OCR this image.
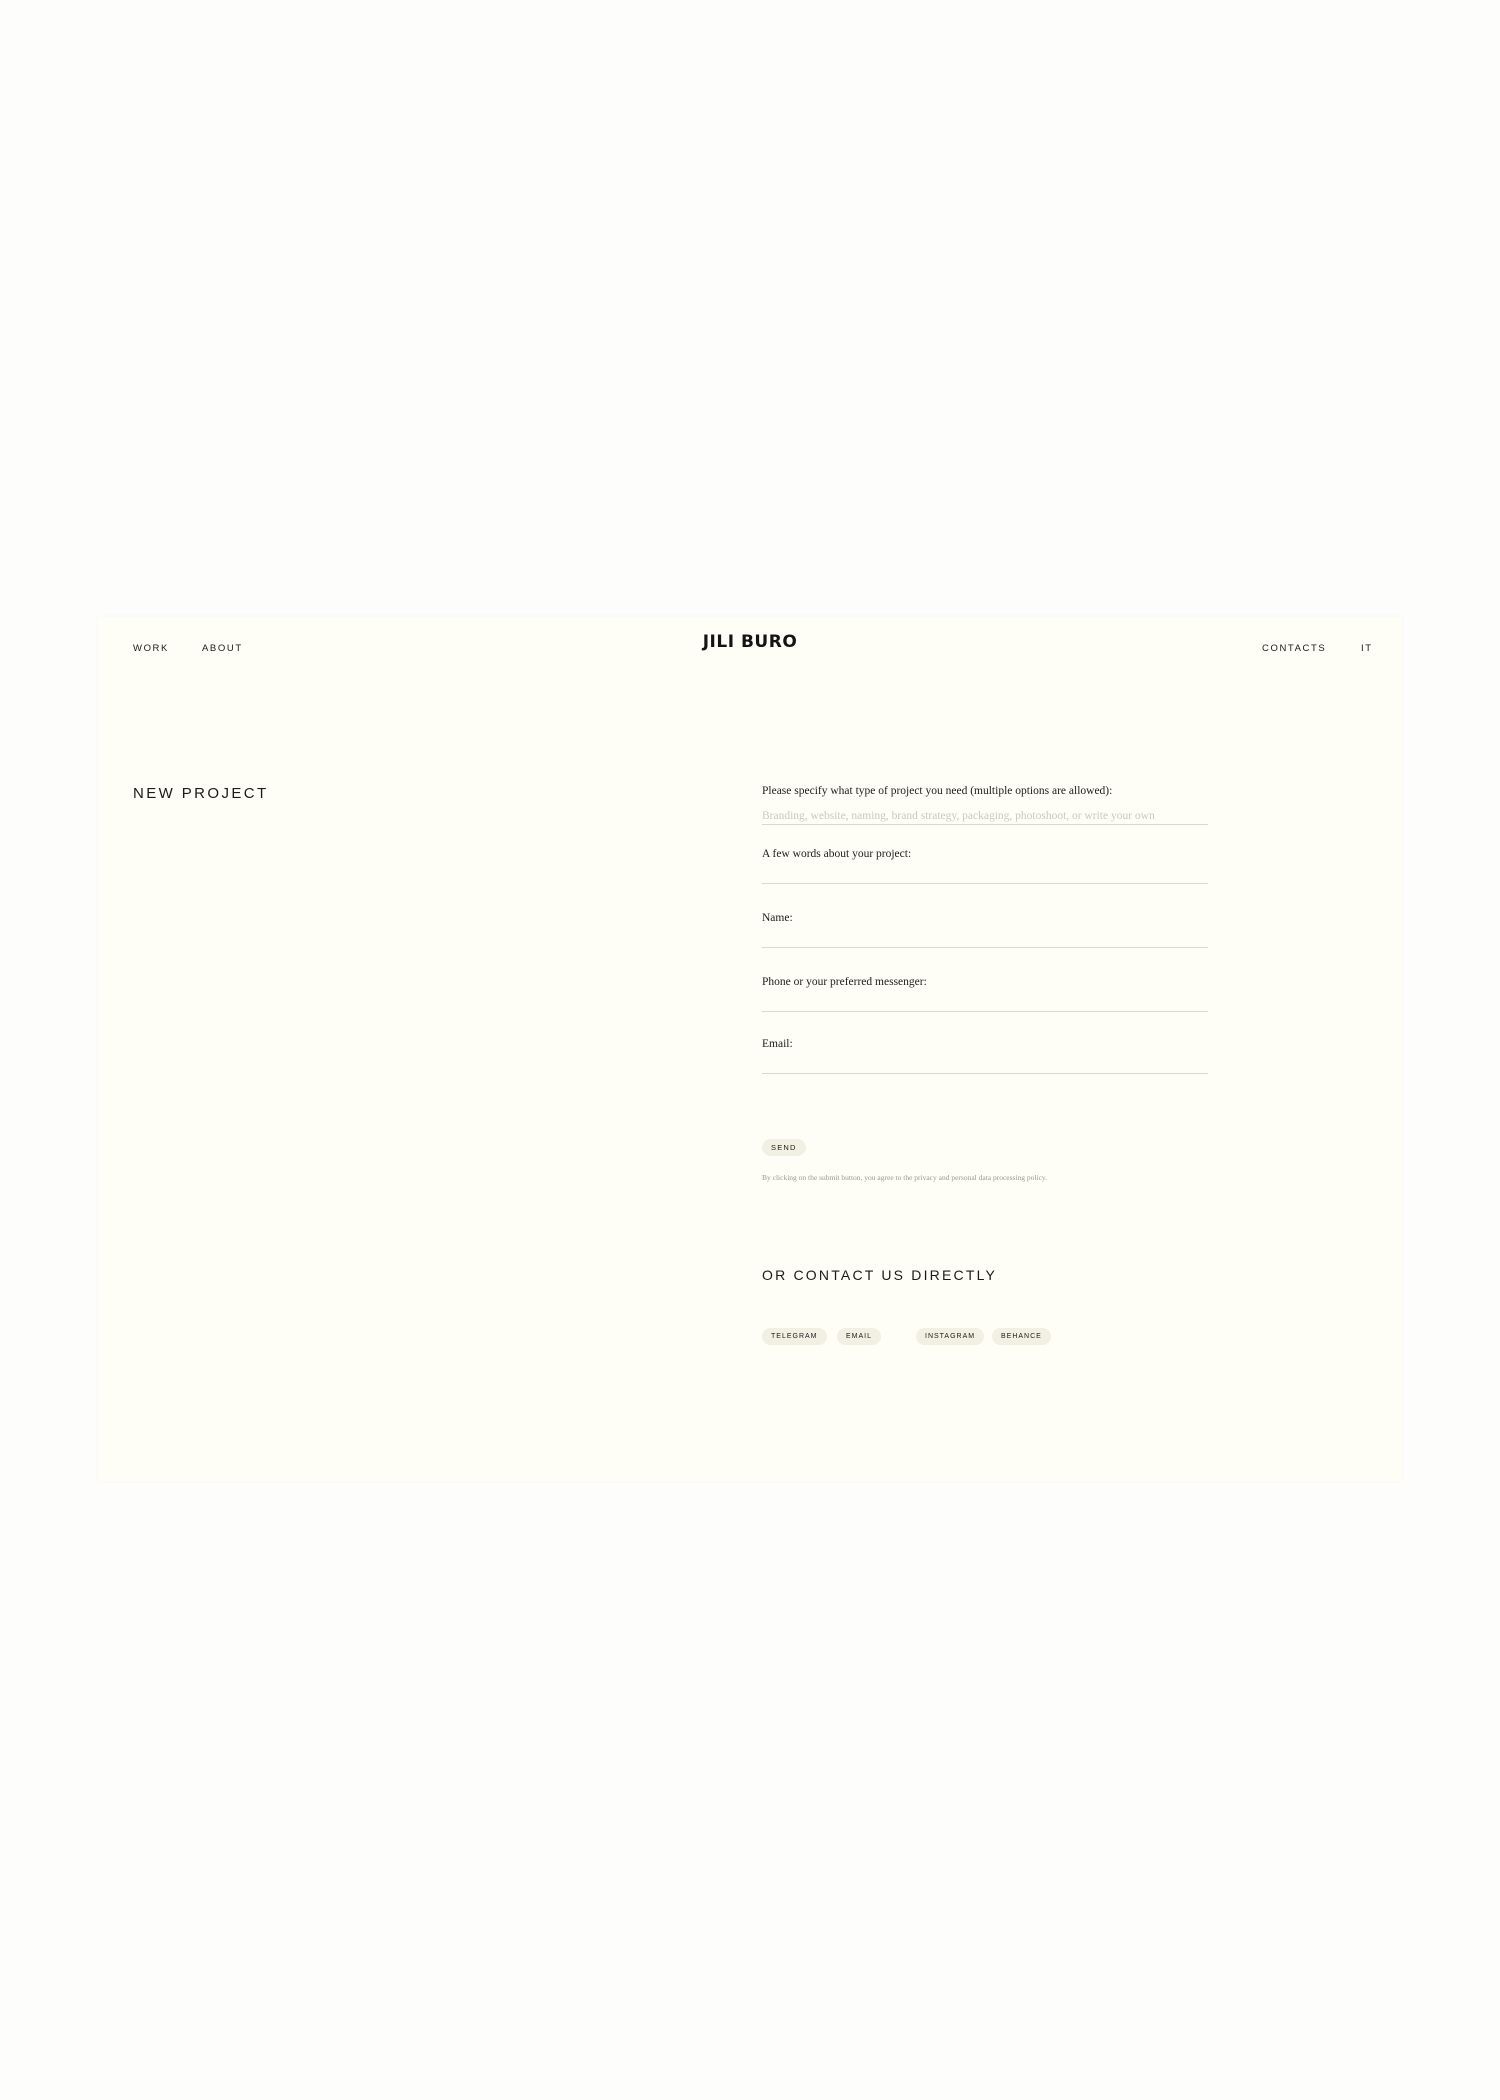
WORK	ABOUT	JILI BURO	CONTACTS	IT
NEW PROJECT	Please specify what type of project you need (multiple options are allowed):
Branding, website, naming, brand strategy, packaging, photoshoot, or write your own
A few words about your project:
Name:
Phone or your preferred messenger:
Email:
SEND
By clicking on the submit button, you agree to the privacy and personal data processing policy.
OR CONTACT US DIRECTLY
TELEGRAM	EMAIL	INSTAGRAM	BEHANCE
